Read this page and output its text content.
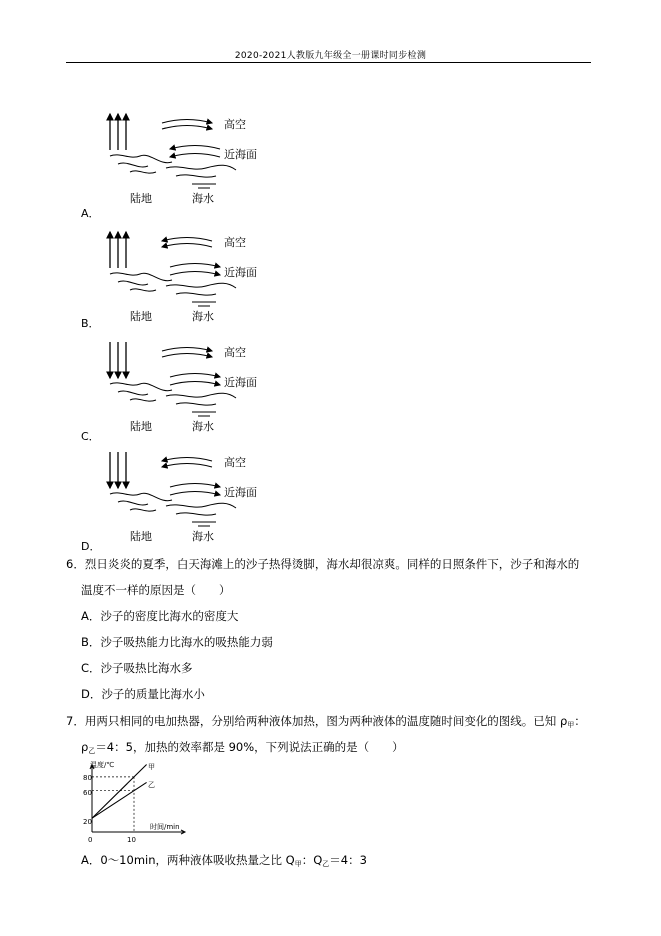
2020-2021人教版九年级全一册课时同步检测
高空
近海面
陆地	海水
A．
高空
近海面
陆地	海水
B．
高空
近海面
陆地	海水
C．
高空
近海面
陆地	海水
D．
6．烈日炎炎的夏季，白天海滩上的沙子热得烫脚，海水却很凉爽。同样的日照条件下，沙子和海水的
温度不一样的原因是（　　）
A．沙子的密度比海水的密度大
B．沙子吸热能力比海水的吸热能力弱
C．沙子吸热比海水多
D．沙子的质量比海水小
7．用两只相同的电加热器，分别给两种液体加热，图为两种液体的温度随时间变化的图线。已知 $\rho_甲$：
$\rho_乙=4$：5，加热的效率都是 90%，下列说法正确的是（　　）
温度/℃
时间/min
80
60
20
0	10
甲
乙
A．0～10min，两种液体吸收热量之比 $Q_甲$：$Q_乙=4$：3
